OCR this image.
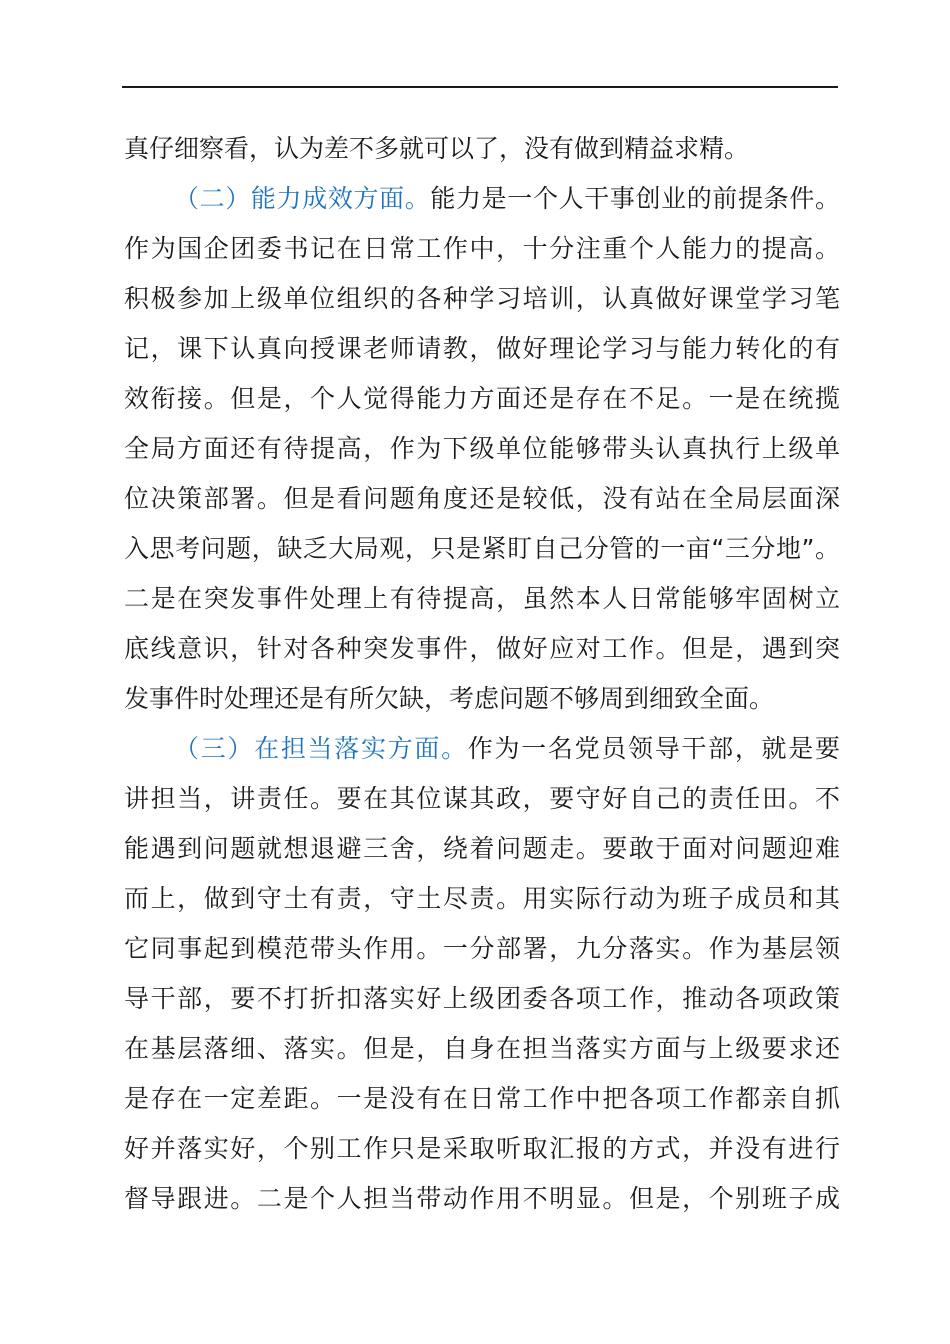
真仔细察看，认为差不多就可以了，没有做到精益求精。
（二）能力成效方面。能力是一个人干事创业的前提条件。
作为国企团委书记在日常工作中，十分注重个人能力的提高。
积极参加上级单位组织的各种学习培训，认真做好课堂学习笔
记，课下认真向授课老师请教，做好理论学习与能力转化的有
效衔接。但是，个人觉得能力方面还是存在不足。一是在统揽
全局方面还有待提高，作为下级单位能够带头认真执行上级单
位决策部署。但是看问题角度还是较低，没有站在全局层面深
入思考问题，缺乏大局观，只是紧盯自己分管的一亩“三分地”。
二是在突发事件处理上有待提高，虽然本人日常能够牢固树立
底线意识，针对各种突发事件，做好应对工作。但是，遇到突
发事件时处理还是有所欠缺，考虑问题不够周到细致全面。
（三）在担当落实方面。作为一名党员领导干部，就是要
讲担当，讲责任。要在其位谋其政，要守好自己的责任田。不
能遇到问题就想退避三舍，绕着问题走。要敢于面对问题迎难
而上，做到守土有责，守土尽责。用实际行动为班子成员和其
它同事起到模范带头作用。一分部署，九分落实。作为基层领
导干部，要不打折扣落实好上级团委各项工作，推动各项政策
在基层落细、落实。但是，自身在担当落实方面与上级要求还
是存在一定差距。一是没有在日常工作中把各项工作都亲自抓
好并落实好，个别工作只是采取听取汇报的方式，并没有进行
督导跟进。二是个人担当带动作用不明显。但是，个别班子成
